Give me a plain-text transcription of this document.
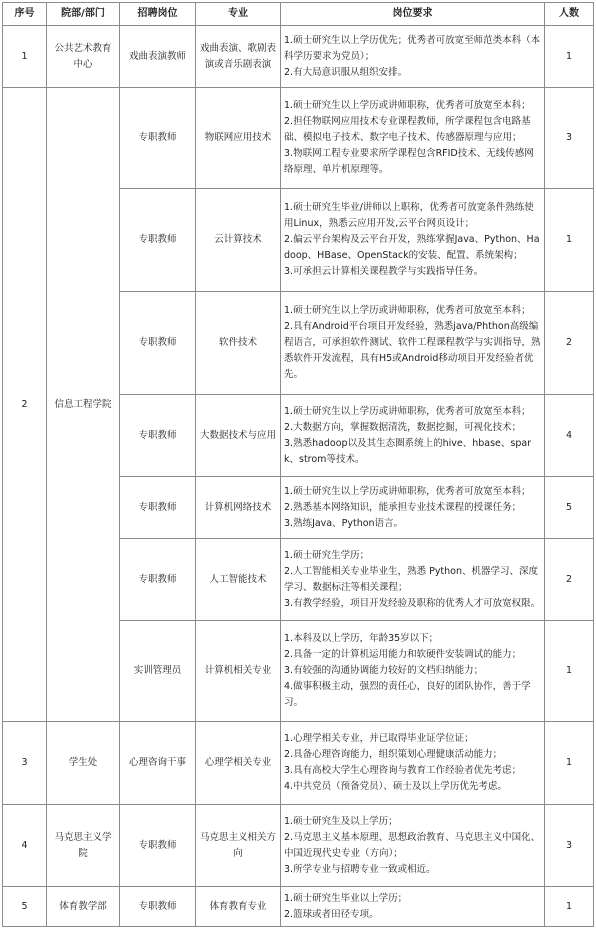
序号	院部/部门	招聘岗位	专业	岗位要求	人数
1	公共艺术教育中心	戏曲表演教师	戏曲表演、歌剧表演或音乐剧表演	1.硕士研究生以上学历优先；优秀者可放宽至师范类本科（本科学历要求为党员）；
2.有大局意识服从组织安排。	1
2	信息工程学院	专职教师	物联网应用技术	1.硕士研究生以上学历或讲师职称，优秀者可放宽至本科；
2.担任物联网应用技术专业课程教师，所学课程包含电路基础、模拟电子技术、数字电子技术、传感器原理与应用；
3.物联网工程专业要求所学课程包含RFID技术、无线传感网络原理、单片机原理等。	3
		专职教师	云计算技术	1.硕士研究生毕业/讲师以上职称，优秀者可放宽条件熟练使用Linux，熟悉云应用开发,云平台网页设计；
2.偏云平台架构及云平台开发，熟练掌握Java、Python、Hadoop、HBase、OpenStack的安装、配置、系统架构；
3.可承担云计算相关课程教学与实践指导任务。	1
		专职教师	软件技术	1.硕士研究生以上学历或讲师职称，优秀者可放宽至本科；
2.具有Android平台项目开发经验，熟悉java/Phthon高级编程语言，可承担软件测试、软件工程课程教学与实训指导，熟悉软件开发流程，具有H5或Android移动项目开发经验者优先。	2
		专职教师	大数据技术与应用	1.硕士研究生以上学历或讲师职称，优秀者可放宽至本科；
2.大数据方向，掌握数据清洗，数据挖掘，可视化技术；
3.熟悉hadoop以及其生态圈系统上的hive、hbase、spark、strom等技术。	4
		专职教师	计算机网络技术	1.硕士研究生以上学历或讲师职称，优秀者可放宽至本科；
2.熟悉基本网络知识，能承担专业技术课程的授课任务；
3.熟练Java、Python语言。	5
		专职教师	人工智能技术	1.硕士研究生学历；
2.人工智能相关专业毕业生，熟悉 Python、机器学习、深度学习、数据标注等相关课程；
3.有教学经验，项目开发经验及职称的优秀人才可放宽权限。	2
		实训管理员	计算机相关专业	1.本科及以上学历，年龄35岁以下；
2.具备一定的计算机运用能力和软硬件安装调试的能力；
3.有较强的沟通协调能力较好的文档归纳能力；
4.做事积极主动，强烈的责任心，良好的团队协作，善于学习。	1
3	学生处	心理咨询干事	心理学相关专业	1.心理学相关专业，并已取得毕业证学位证；
2.具备心理咨询能力，组织策划心理健康活动能力；
3.具有高校大学生心理咨询与教育工作经验者优先考虑；
4.中共党员（预备党员）、硕士及以上学历优先考虑。	1
4	马克思主义学院	专职教师	马克思主义相关方向	1.硕士研究生及以上学历；
2.马克思主义基本原理、思想政治教育、马克思主义中国化、中国近现代史专业（方向）；
3.所学专业与招聘专业一致或相近。	3
5	体育教学部	专职教师	体育教育专业	1.硕士研究生毕业以上学历；
2.篮球或者田径专项。	1
